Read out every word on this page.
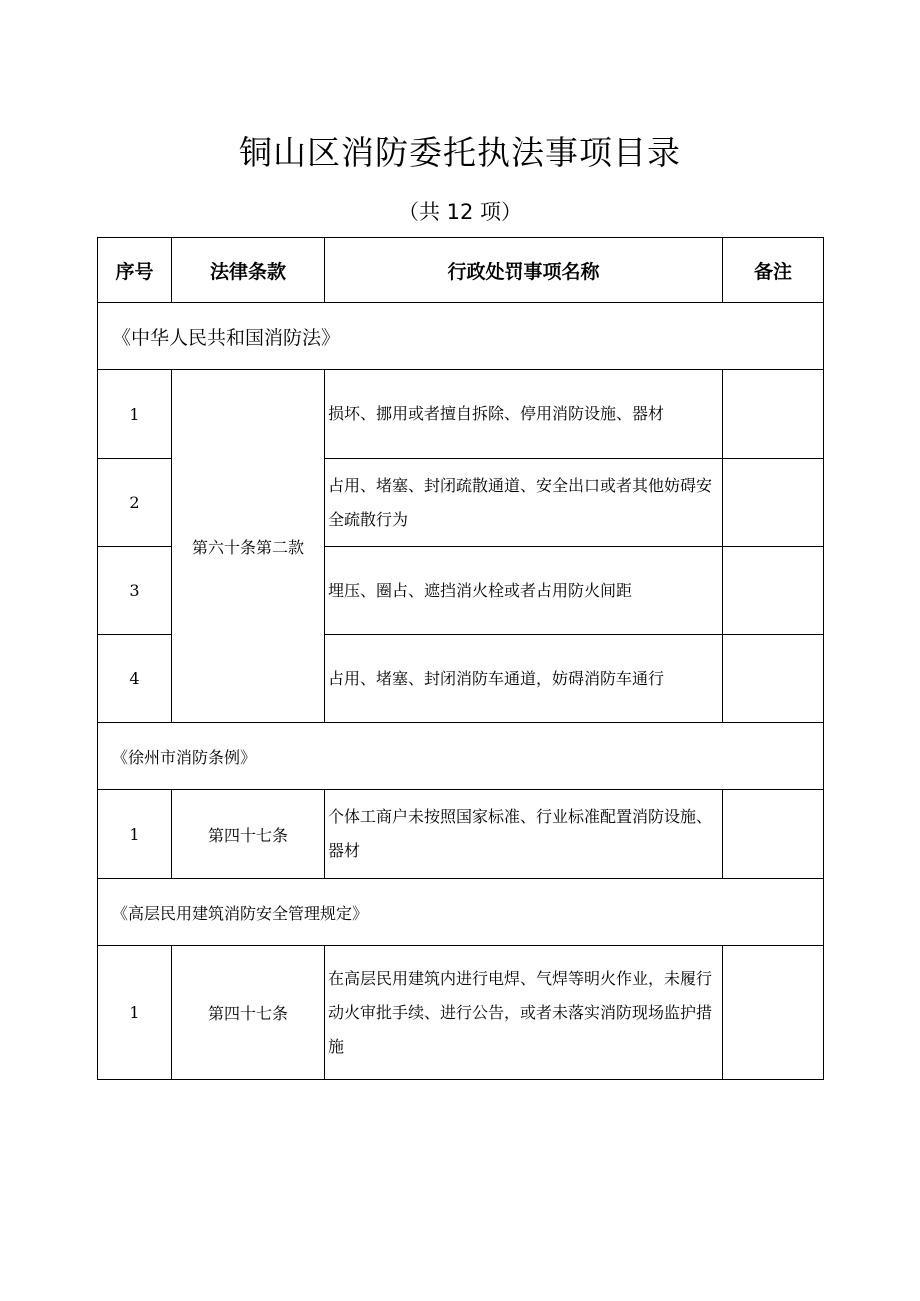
铜山区消防委托执法事项目录
（共 12 项）
序号	法律条款	行政处罚事项名称	备注
《中华人民共和国消防法》			
1	第六十条第二款	损坏、挪用或者擅自拆除、停用消防设施、器材	
2		占用、堵塞、封闭疏散通道、安全出口或者其他妨碍安全疏散行为	
3		埋压、圈占、遮挡消火栓或者占用防火间距	
4		占用、堵塞、封闭消防车通道，妨碍消防车通行	
《徐州市消防条例》			
1	第四十七条	个体工商户未按照国家标准、行业标准配置消防设施、器材	
《高层民用建筑消防安全管理规定》			
1	第四十七条	在高层民用建筑内进行电焊、气焊等明火作业，未履行动火审批手续、进行公告，或者未落实消防现场监护措施	
